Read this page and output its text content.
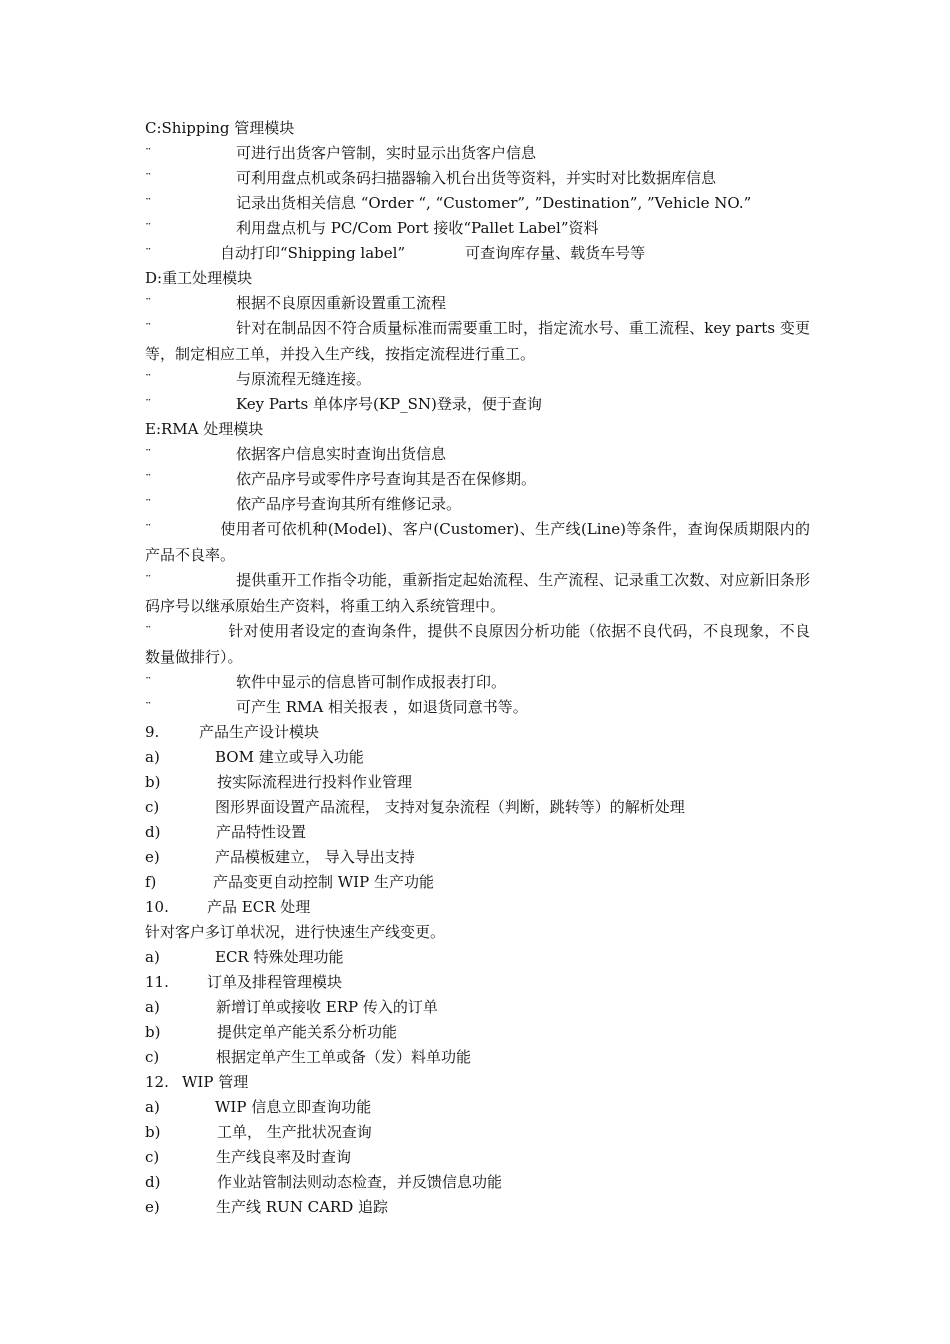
C:Shipping 管理模块
¨	可进行出货客户管制，实时显示出货客户信息
¨	可利用盘点机或条码扫描器输入机台出货等资料，并实时对比数据库信息
¨	记录出货相关信息 “Order “, “Customer”, ”Destination”, ”Vehicle NO.”
¨	利用盘点机与 PC/Com Port 接收“Pallet Label”资料
¨	自动打印“Shipping label”	可查询库存量、载货车号等
D:重工处理模块
¨	根据不良原因重新设置重工流程
¨	针对在制品因不符合质量标准而需要重工时，指定流水号、重工流程、key parts 变更等，制定相应工单，并投入生产线，按指定流程进行重工。
¨	与原流程无缝连接。
¨	Key Parts 单体序号(KP_SN)登录，便于查询
E:RMA 处理模块
¨	依据客户信息实时查询出货信息
¨	依产品序号或零件序号查询其是否在保修期。
¨	依产品序号查询其所有维修记录。
¨	使用者可依机种(Model)、客户(Customer)、生产线(Line)等条件，查询保质期限内的产品不良率。
¨	提供重开工作指令功能，重新指定起始流程、生产流程、记录重工次数、对应新旧条形码序号以继承原始生产资料，将重工纳入系统管理中。
¨	针对使用者设定的查询条件，提供不良原因分析功能（依据不良代码，不良现象，不良数量做排行）。
¨	软件中显示的信息皆可制作成报表打印。
¨	可产生 RMA 相关报表 ，如退货同意书等。
9.	产品生产设计模块
a)	BOM 建立或导入功能
b)	按实际流程进行投料作业管理
c)	图形界面设置产品流程， 支持对复杂流程（判断，跳转等）的解析处理
d)	产品特性设置
e)	产品模板建立， 导入导出支持
f)	产品变更自动控制 WIP 生产功能
10.	产品 ECR 处理
针对客户多订单状况，进行快速生产线变更。
a)	ECR 特殊处理功能
11.	订单及排程管理模块
a)	新增订单或接收 ERP 传入的订单
b)	提供定单产能关系分析功能
c)	根据定单产生工单或备（发）料单功能
12. WIP 管理
a)	WIP 信息立即查询功能
b)	工单， 生产批状况查询
c)	生产线良率及时查询
d)	作业站管制法则动态检查，并反馈信息功能
e)	生产线 RUN CARD 追踪
